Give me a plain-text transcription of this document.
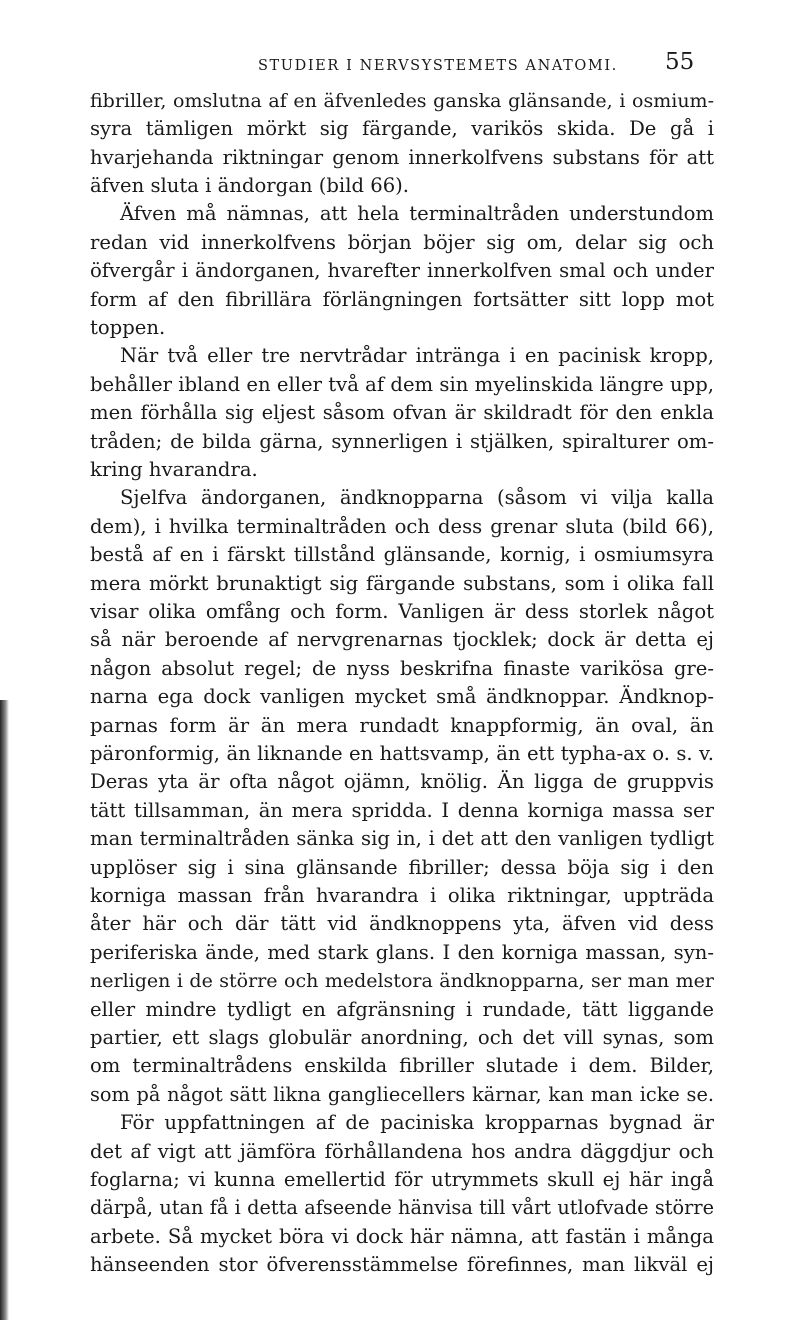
STUDIER I NERVSYSTEMETS ANATOMI. 55
fibriller, omslutna af en äfvenledes ganska glänsande, i osmium-
syra tämligen mörkt sig färgande, varikös skida. De gå i
hvarjehanda riktningar genom innerkolfvens substans för att
äfven sluta i ändorgan (bild 66).
Äfven må nämnas, att hela terminaltråden understundom
redan vid innerkolfvens början böjer sig om, delar sig och
öfvergår i ändorganen, hvarefter innerkolfven smal och under
form af den fibrillära förlängningen fortsätter sitt lopp mot
toppen.
När två eller tre nervtrådar intränga i en pacinisk kropp,
behåller ibland en eller två af dem sin myelinskida längre upp,
men förhålla sig eljest såsom ofvan är skildradt för den enkla
tråden; de bilda gärna, synnerligen i stjälken, spiralturer om-
kring hvarandra.
Sjelfva ändorganen, ändknopparna (såsom vi vilja kalla
dem), i hvilka terminaltråden och dess grenar sluta (bild 66),
bestå af en i färskt tillstånd glänsande, kornig, i osmiumsyra
mera mörkt brunaktigt sig färgande substans, som i olika fall
visar olika omfång och form. Vanligen är dess storlek något
så när beroende af nervgrenarnas tjocklek; dock är detta ej
någon absolut regel; de nyss beskrifna finaste varikösa gre-
narna ega dock vanligen mycket små ändknoppar. Ändknop-
parnas form är än mera rundadt knappformig, än oval, än
päronformig, än liknande en hattsvamp, än ett typha-ax o. s. v.
Deras yta är ofta något ojämn, knölig. Än ligga de gruppvis
tätt tillsamman, än mera spridda. I denna korniga massa ser
man terminaltråden sänka sig in, i det att den vanligen tydligt
upplöser sig i sina glänsande fibriller; dessa böja sig i den
korniga massan från hvarandra i olika riktningar, uppträda
åter här och där tätt vid ändknoppens yta, äfven vid dess
periferiska ände, med stark glans. I den korniga massan, syn-
nerligen i de större och medelstora ändknopparna, ser man mer
eller mindre tydligt en afgränsning i rundade, tätt liggande
partier, ett slags globulär anordning, och det vill synas, som
om terminaltrådens enskilda fibriller slutade i dem. Bilder,
som på något sätt likna gangliecellers kärnar, kan man icke se.
För uppfattningen af de paciniska kropparnas bygnad är
det af vigt att jämföra förhållandena hos andra däggdjur och
foglarna; vi kunna emellertid för utrymmets skull ej här ingå
därpå, utan få i detta afseende hänvisa till vårt utlofvade större
arbete. Så mycket böra vi dock här nämna, att fastän i många
hänseenden stor öfverensstämmelse förefinnes, man likväl ej
